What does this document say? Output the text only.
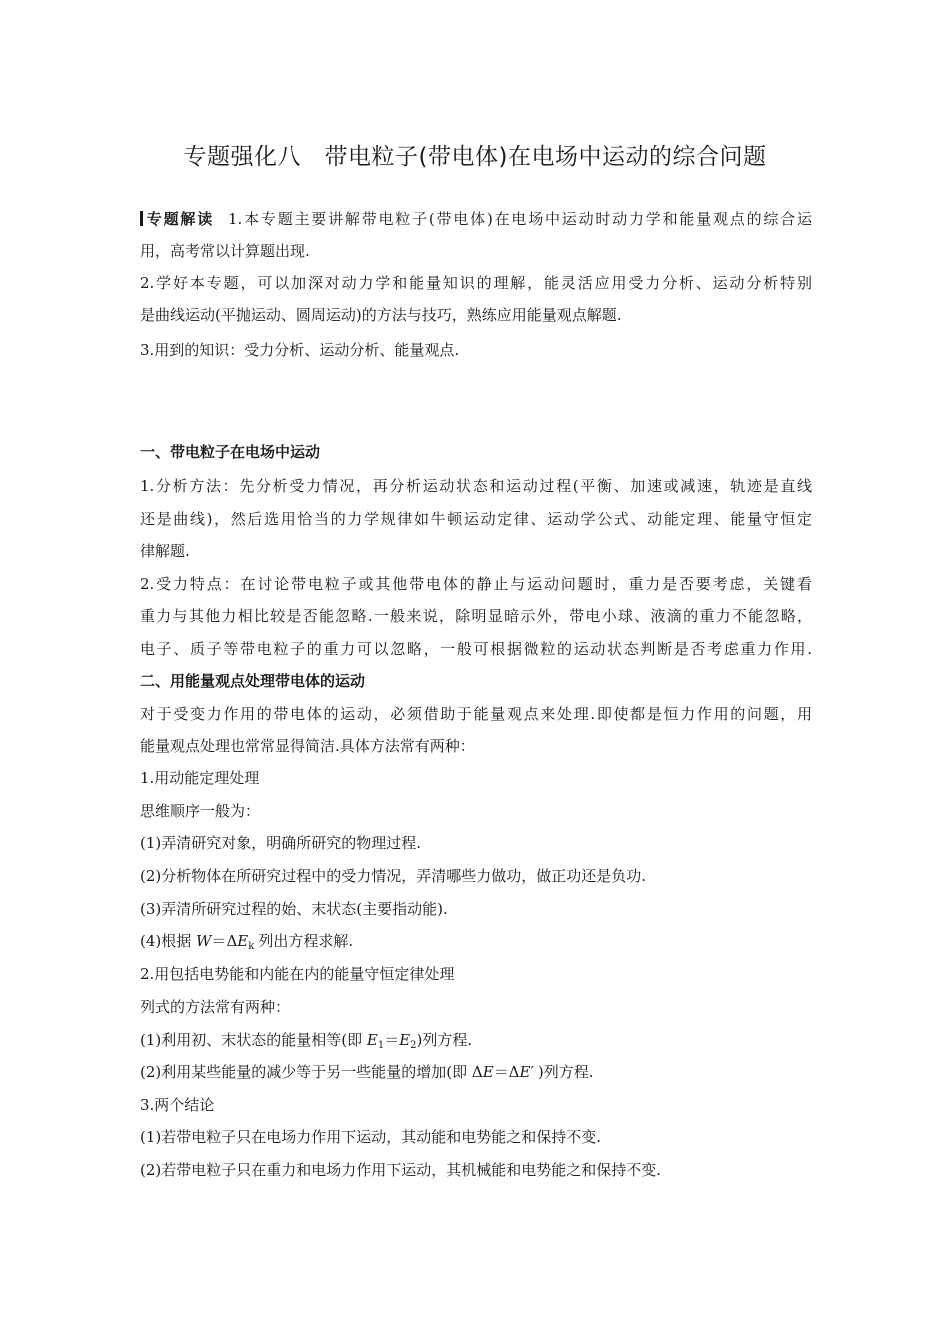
专题强化八　带电粒子(带电体)在电场中运动的综合问题
专题解读 1.本专题主要讲解带电粒子(带电体)在电场中运动时动力学和能量观点的综合运
用，高考常以计算题出现.
2.学好本专题，可以加深对动力学和能量知识的理解，能灵活应用受力分析、运动分析特别
是曲线运动(平抛运动、圆周运动)的方法与技巧，熟练应用能量观点解题.
3.用到的知识：受力分析、运动分析、能量观点.
一、带电粒子在电场中运动
1.分析方法：先分析受力情况，再分析运动状态和运动过程(平衡、加速或减速，轨迹是直线
还是曲线)，然后选用恰当的力学规律如牛顿运动定律、运动学公式、动能定理、能量守恒定
律解题.
2.受力特点：在讨论带电粒子或其他带电体的静止与运动问题时，重力是否要考虑，关键看
重力与其他力相比较是否能忽略.一般来说，除明显暗示外，带电小球、液滴的重力不能忽略，
电子、质子等带电粒子的重力可以忽略，一般可根据微粒的运动状态判断是否考虑重力作用.
二、用能量观点处理带电体的运动
对于受变力作用的带电体的运动，必须借助于能量观点来处理.即使都是恒力作用的问题，用
能量观点处理也常常显得简洁.具体方法常有两种：
1.用动能定理处理
思维顺序一般为：
(1)弄清研究对象，明确所研究的物理过程.
(2)分析物体在所研究过程中的受力情况，弄清哪些力做功，做正功还是负功.
(3)弄清所研究过程的始、末状态(主要指动能).
(4)根据 $W=\Delta E_k$ 列出方程求解.
2.用包括电势能和内能在内的能量守恒定律处理
列式的方法常有两种：
(1)利用初、末状态的能量相等(即 $E_1=E_2$)列方程.
(2)利用某些能量的减少等于另一些能量的增加(即 ΔE＝ΔE′ )列方程.
3.两个结论
(1)若带电粒子只在电场力作用下运动，其动能和电势能之和保持不变.
(2)若带电粒子只在重力和电场力作用下运动，其机械能和电势能之和保持不变.
